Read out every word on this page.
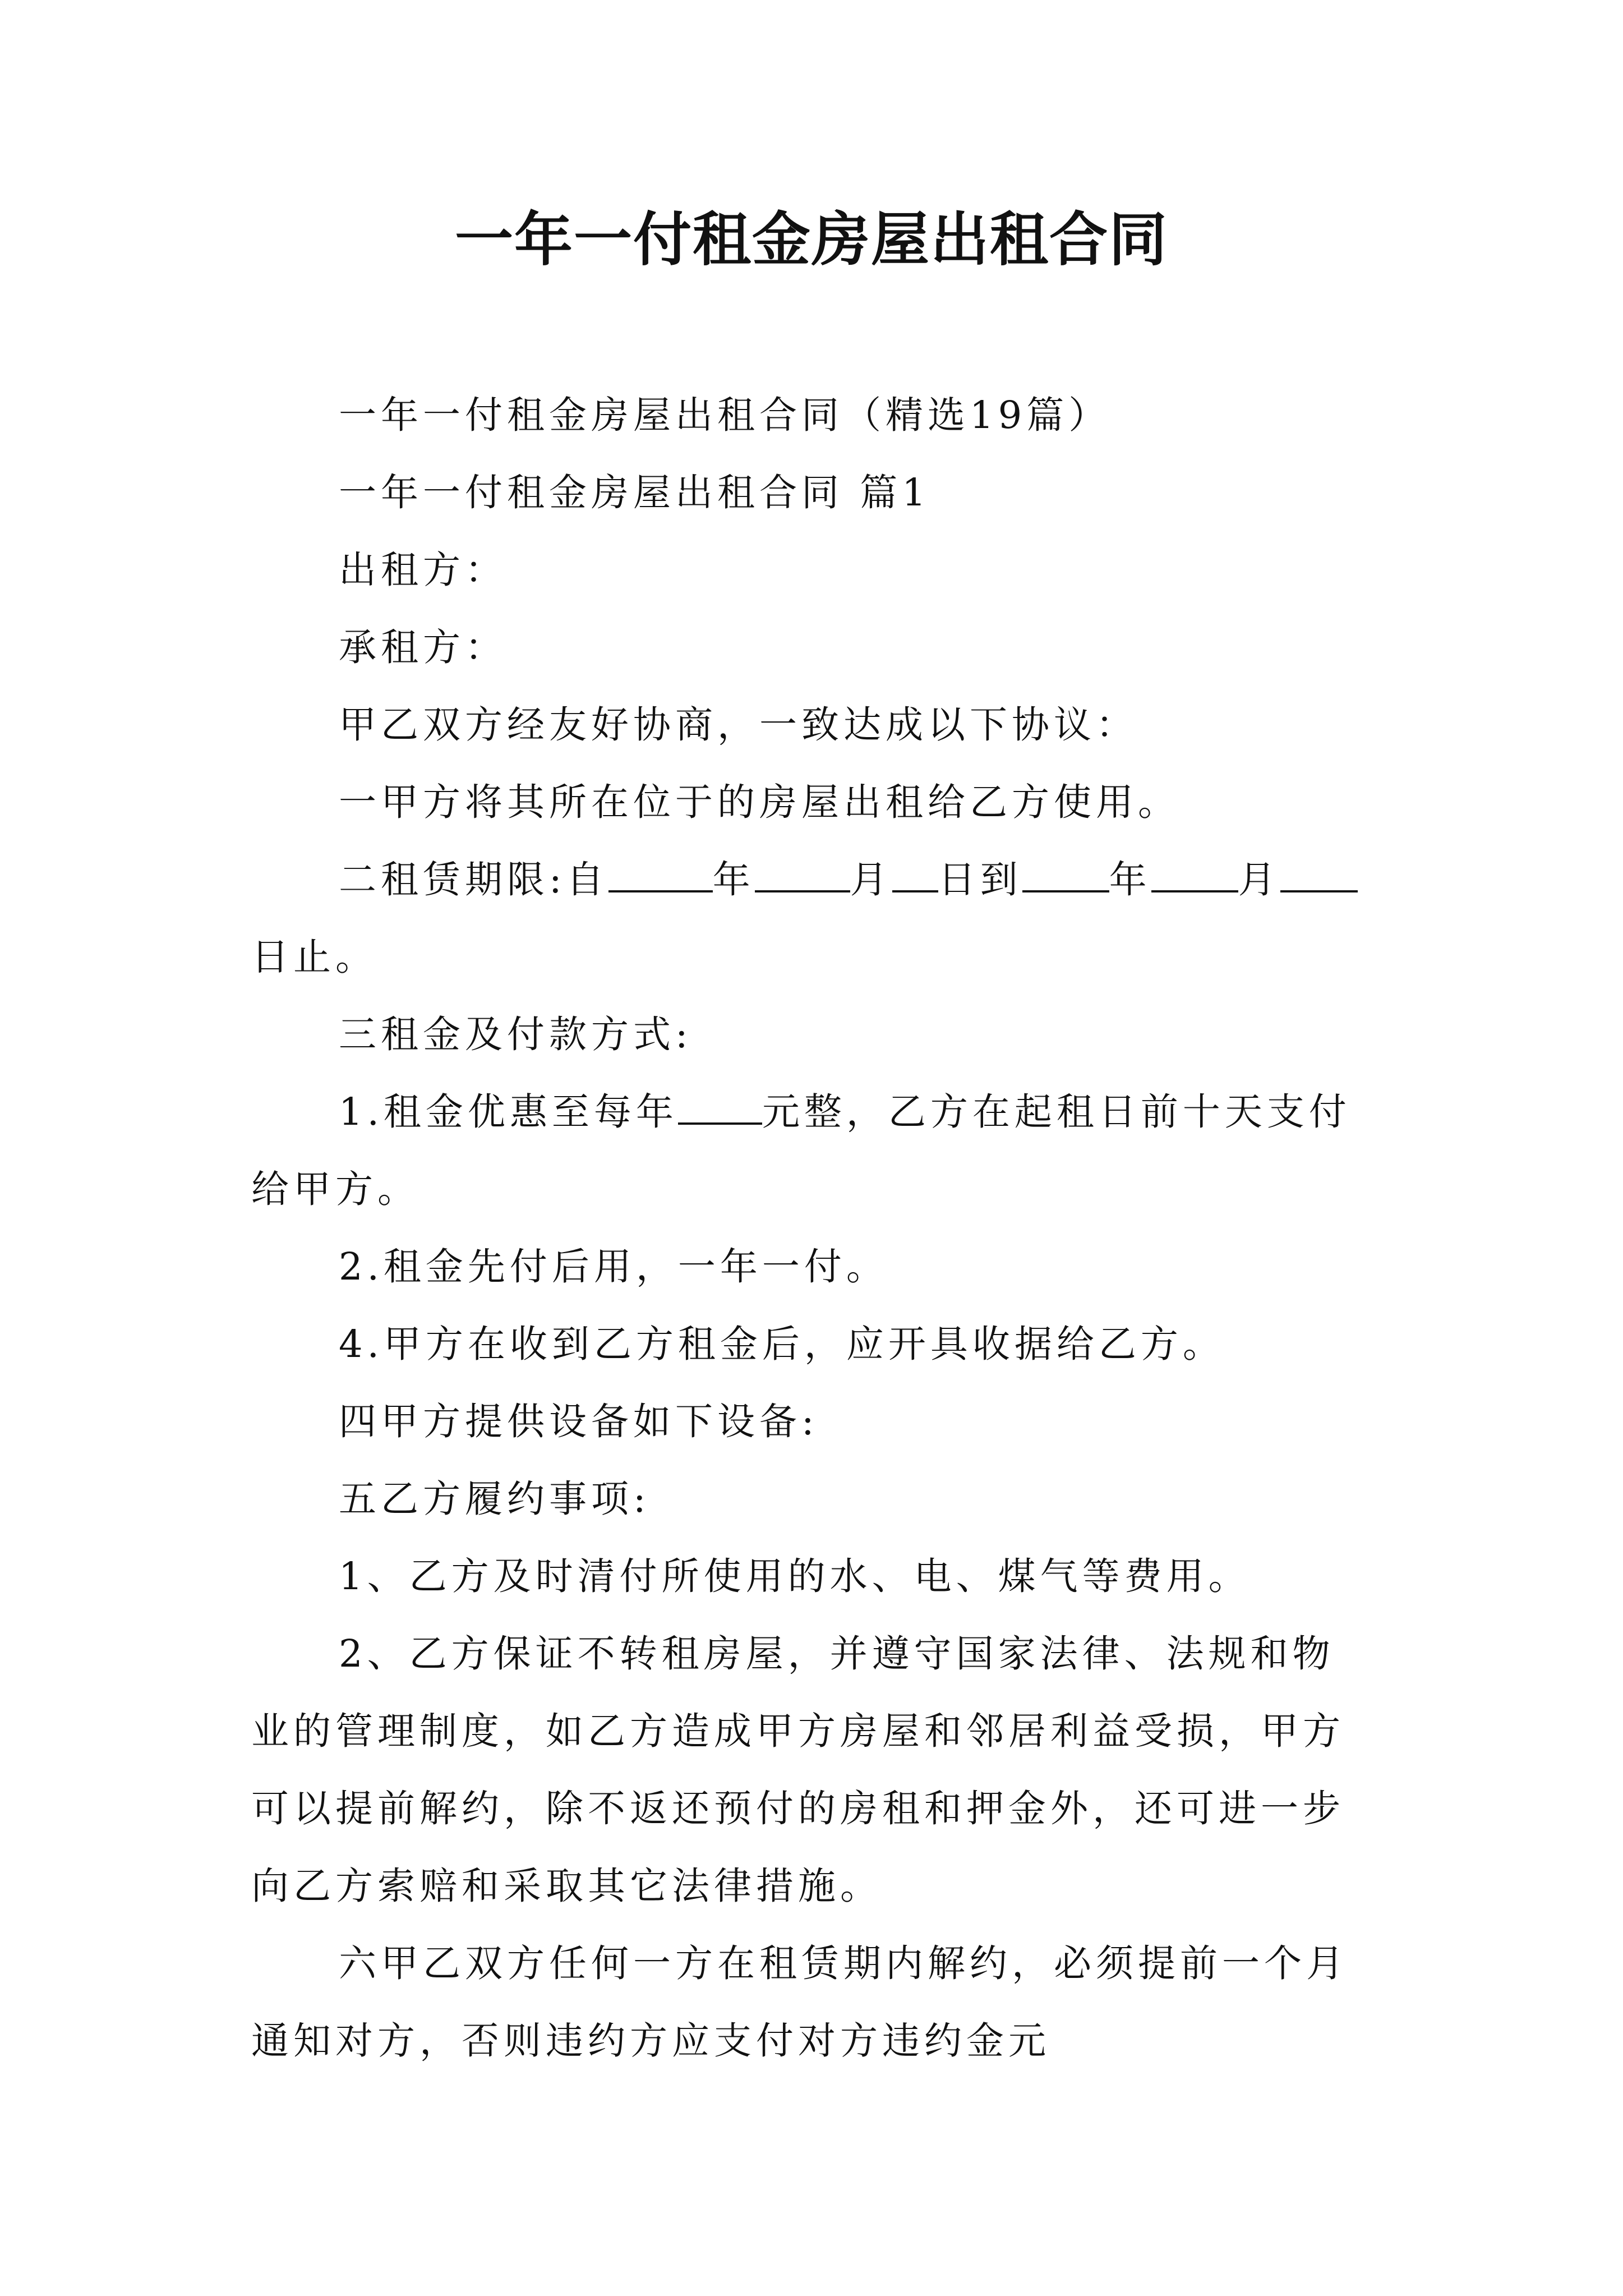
一年一付租金房屋出租合同
一年一付租金房屋出租合同（精选19篇）
一年一付租金房屋出租合同 篇1
出租方：
承租方：
甲乙双方经友好协商，一致达成以下协议：
一甲方将其所在位于的房屋出租给乙方使用。
二租赁期限:自	年	月 日到 年 月
日止。
三租金及付款方式:
1.租金优惠至每年 元整，乙方在起租日前十天支付
给甲方。
2.租金先付后用，一年一付。
4.甲方在收到乙方租金后，应开具收据给乙方。
四甲方提供设备如下设备:
五乙方履约事项:
1、乙方及时清付所使用的水、电、煤气等费用。
2、乙方保证不转租房屋，并遵守国家法律、法规和物
业的管理制度，如乙方造成甲方房屋和邻居利益受损，甲方
可以提前解约，除不返还预付的房租和押金外，还可进一步
向乙方索赔和采取其它法律措施。
六甲乙双方任何一方在租赁期内解约，必须提前一个月
通知对方，否则违约方应支付对方违约金元
